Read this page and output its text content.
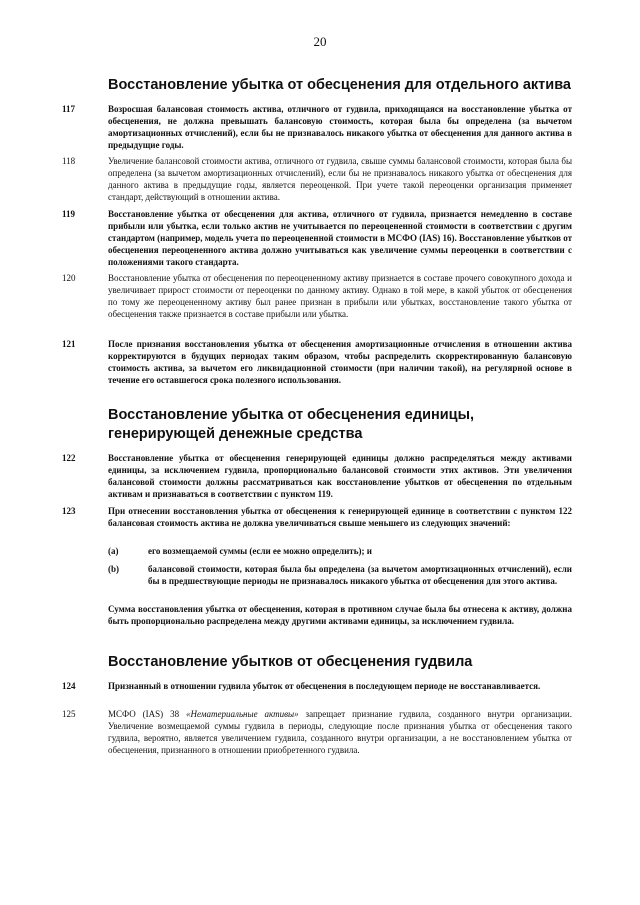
20
Восстановление убытка от обесценения для отдельного актива
117	Возросшая балансовая стоимость актива, отличного от гудвила, приходящаяся на восстановление убытка от обесценения, не должна превышать балансовую стоимость, которая была бы определена (за вычетом амортизационных отчислений), если бы не признавалось никакого убытка от обесценения для данного актива в предыдущие годы.
118	Увеличение балансовой стоимости актива, отличного от гудвила, свыше суммы балансовой стоимости, которая была бы определена (за вычетом амортизационных отчислений), если бы не признавалось никакого убытка от обесценения для данного актива в предыдущие годы, является переоценкой. При учете такой переоценки организация применяет стандарт, действующий в отношении актива.
119	Восстановление убытка от обесценения для актива, отличного от гудвила, признается немедленно в составе прибыли или убытка, если только актив не учитывается по переоцененной стоимости в соответствии с другим стандартом (например, модель учета по переоцененной стоимости в МСФО (IAS) 16). Восстановление убытков от обесценения переоцененного актива должно учитываться как увеличение суммы переоценки в соответствии с положениями такого стандарта.
120	Восстановление убытка от обесценения по переоцененному активу признается в составе прочего совокупного дохода и увеличивает прирост стоимости от переоценки по данному активу. Однако в той мере, в какой убыток от обесценения по тому же переоцененному активу был ранее признан в прибыли или убытках, восстановление такого убытка от обесценения также признается в составе прибыли или убытка.
121	После признания восстановления убытка от обесценения амортизационные отчисления в отношении актива корректируются в будущих периодах таким образом, чтобы распределить скорректированную балансовую стоимость актива, за вычетом его ликвидационной стоимости (при наличии такой), на регулярной основе в течение его оставшегося срока полезного использования.
Восстановление убытка от обесценения единицы,
генерирующей денежные средства
122	Восстановление убытка от обесценения генерирующей единицы должно распределяться между активами единицы, за исключением гудвила, пропорционально балансовой стоимости этих активов. Эти увеличения балансовой стоимости должны рассматриваться как восстановление убытков от обесценения по отдельным активам и признаваться в соответствии с пунктом 119.
123	При отнесении восстановления убытка от обесценения к генерирующей единице в соответствии с пунктом 122 балансовая стоимость актива не должна увеличиваться свыше меньшего из следующих значений:
(a)	его возмещаемой суммы (если ее можно определить); и
(b)	балансовой стоимости, которая была бы определена (за вычетом амортизационных отчислений), если бы в предшествующие периоды не признавалось никакого убытка от обесценения для этого актива.
Сумма восстановления убытка от обесценения, которая в противном случае была бы отнесена к активу, должна быть пропорционально распределена между другими активами единицы, за исключением гудвила.
Восстановление убытков от обесценения гудвила
124	Признанный в отношении гудвила убыток от обесценения в последующем периоде не восстанавливается.
125	МСФО (IAS) 38 «Нематериальные активы» запрещает признание гудвила, созданного внутри организации. Увеличение возмещаемой суммы гудвила в периоды, следующие после признания убытка от обесценения такого гудвила, вероятно, является увеличением гудвила, созданного внутри организации, а не восстановлением убытка от обесценения, признанного в отношении приобретенного гудвила.
